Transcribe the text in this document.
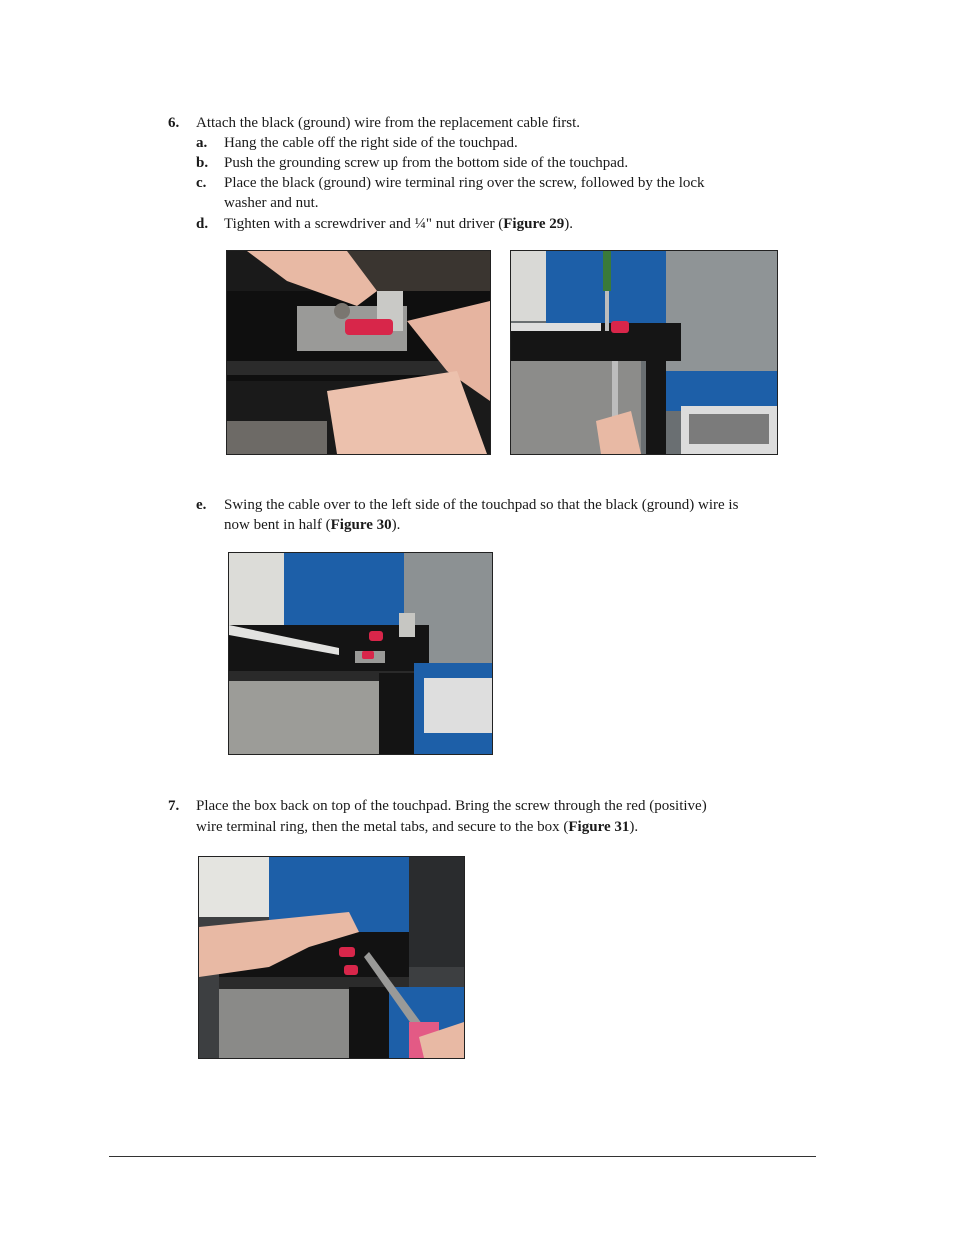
6. Attach the black (ground) wire from the replacement cable first.
a. Hang the cable off the right side of the touchpad.
b. Push the grounding screw up from the bottom side of the touchpad.
c. Place the black (ground) wire terminal ring over the screw, followed by the lock
washer and nut.
d. Tighten with a screwdriver and ¼" nut driver (Figure 29).
e. Swing the cable over to the left side of the touchpad so that the black (ground) wire is
now bent in half (Figure 30).
7. Place the box back on top of the touchpad. Bring the screw through the red (positive)
wire terminal ring, then the metal tabs, and secure to the box (Figure 31).
